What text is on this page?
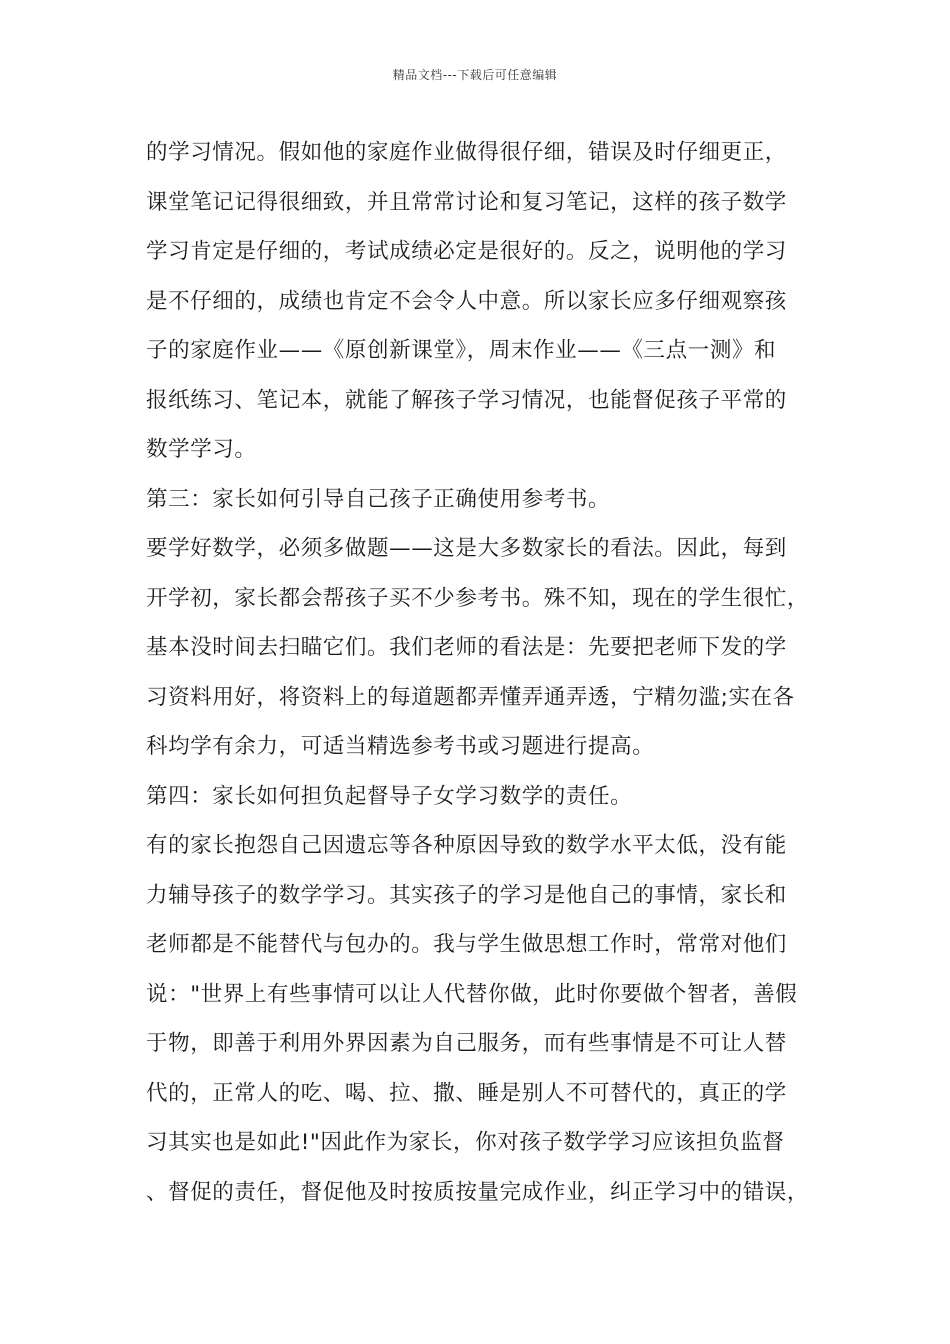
精品文档---下载后可任意编辑
的学习情况。假如他的家庭作业做得很仔细，错误及时仔细更正，
课堂笔记记得很细致，并且常常讨论和复习笔记，这样的孩子数学
学习肯定是仔细的，考试成绩必定是很好的。反之，说明他的学习
是不仔细的，成绩也肯定不会令人中意。所以家长应多仔细观察孩
子的家庭作业——《原创新课堂》，周末作业——《三点一测》和
报纸练习、笔记本，就能了解孩子学习情况，也能督促孩子平常的
数学学习。
第三：家长如何引导自己孩子正确使用参考书。
要学好数学，必须多做题——这是大多数家长的看法。因此，每到
开学初，家长都会帮孩子买不少参考书。殊不知，现在的学生很忙，
基本没时间去扫瞄它们。我们老师的看法是：先要把老师下发的学
习资料用好，将资料上的每道题都弄懂弄通弄透，宁精勿滥;实在各
科均学有余力，可适当精选参考书或习题进行提高。
第四：家长如何担负起督导子女学习数学的责任。
有的家长抱怨自己因遗忘等各种原因导致的数学水平太低，没有能
力辅导孩子的数学学习。其实孩子的学习是他自己的事情，家长和
老师都是不能替代与包办的。我与学生做思想工作时，常常对他们
说："世界上有些事情可以让人代替你做，此时你要做个智者，善假
于物，即善于利用外界因素为自己服务，而有些事情是不可让人替
代的，正常人的吃、喝、拉、撒、睡是别人不可替代的，真正的学
习其实也是如此!"因此作为家长，你对孩子数学学习应该担负监督
、督促的责任，督促他及时按质按量完成作业，纠正学习中的错误，
